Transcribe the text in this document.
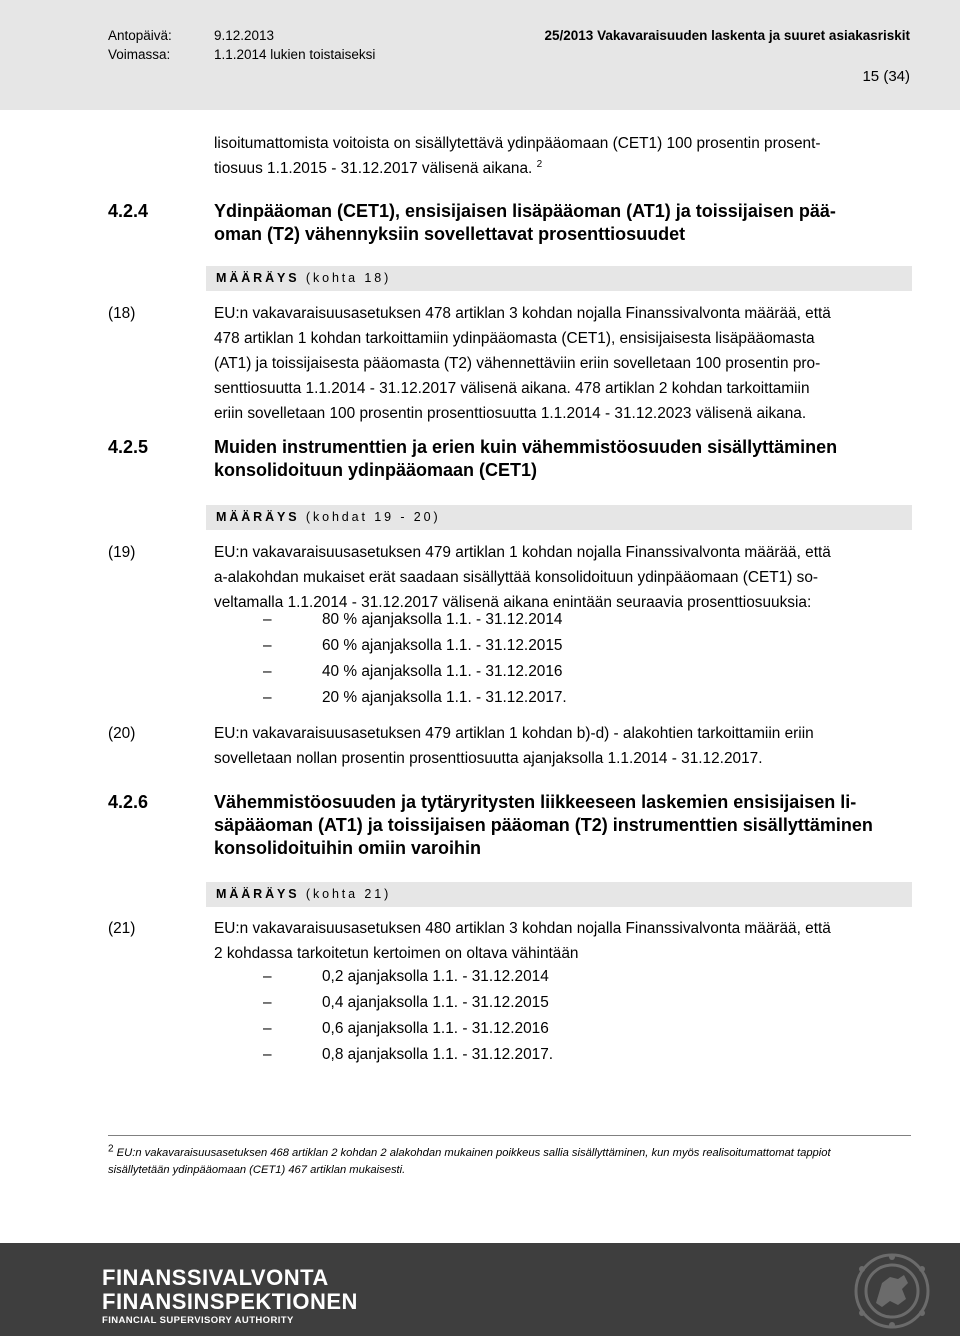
Antopäivä:	9.12.2013
Voimassa:	1.1.2014 lukien toistaiseksi
25/2013 Vakavaraisuuden laskenta ja suuret asiakasriskit
15 (34)
lisoitumattomista voitoista on sisällytettävä ydinpääomaan (CET1) 100 prosentin prosent-
tiosuus 1.1.2015 - 31.12.2017 välisenä aikana. $^2$
4.2.4	Ydinpääoman (CET1), ensisijaisen lisäpääoman (AT1) ja toissijaisen pää-
oman (T2) vähennyksiin sovellettavat prosenttiosuudet
MÄÄRÄYS (kohta 18)
(18)	EU:n vakavaraisuusasetuksen 478 artiklan 3 kohdan nojalla Finanssivalvonta määrää, että
478 artiklan 1 kohdan tarkoittamiin ydinpääomasta (CET1), ensisijaisesta lisäpääomasta
(AT1) ja toissijaisesta pääomasta (T2) vähennettäviin eriin sovelletaan 100 prosentin pro-
senttiosuutta 1.1.2014 - 31.12.2017 välisenä aikana. 478 artiklan 2 kohdan tarkoittamiin
eriin sovelletaan 100 prosentin prosenttiosuutta 1.1.2014 - 31.12.2023 välisenä aikana.
4.2.5	Muiden instrumenttien ja erien kuin vähemmistöosuuden sisällyttäminen
konsolidoituun ydinpääomaan (CET1)
MÄÄRÄYS (kohdat 19 - 20)
(19)	EU:n vakavaraisuusasetuksen 479 artiklan 1 kohdan nojalla Finanssivalvonta määrää, että
a-alakohdan mukaiset erät saadaan sisällyttää konsolidoituun ydinpääomaan (CET1) so-
veltamalla 1.1.2014 - 31.12.2017 välisenä aikana enintään seuraavia prosenttiosuuksia:
–	80 % ajanjaksolla 1.1. - 31.12.2014
–	60 % ajanjaksolla 1.1. - 31.12.2015
–	40 % ajanjaksolla 1.1. - 31.12.2016
–	20 % ajanjaksolla 1.1. - 31.12.2017.
(20)	EU:n vakavaraisuusasetuksen 479 artiklan 1 kohdan b)-d) - alakohtien tarkoittamiin eriin
sovelletaan nollan prosentin prosenttiosuutta ajanjaksolla 1.1.2014 - 31.12.2017.
4.2.6	Vähemmistöosuuden ja tytäryritysten liikkeeseen laskemien ensisijaisen li-
säpääoman (AT1) ja toissijaisen pääoman (T2) instrumenttien sisällyttäminen
konsolidoituihin omiin varoihin
MÄÄRÄYS (kohta 21)
(21)	EU:n vakavaraisuusasetuksen 480 artiklan 3 kohdan nojalla Finanssivalvonta määrää, että
2 kohdassa tarkoitetun kertoimen on oltava vähintään
–	0,2 ajanjaksolla 1.1. - 31.12.2014
–	0,4 ajanjaksolla 1.1. - 31.12.2015
–	0,6 ajanjaksolla 1.1. - 31.12.2016
–	0,8 ajanjaksolla 1.1. - 31.12.2017.
2 EU:n vakavaraisuusasetuksen 468 artiklan 2 kohdan 2 alakohdan mukainen poikkeus sallia sisällyttäminen, kun myös realisoitumattomat tappiot
sisällytetään ydinpääomaan (CET1) 467 artiklan mukaisesti.
FINANSSIVALVONTA
FINANSINSPEKTIONEN
FINANCIAL SUPERVISORY AUTHORITY
